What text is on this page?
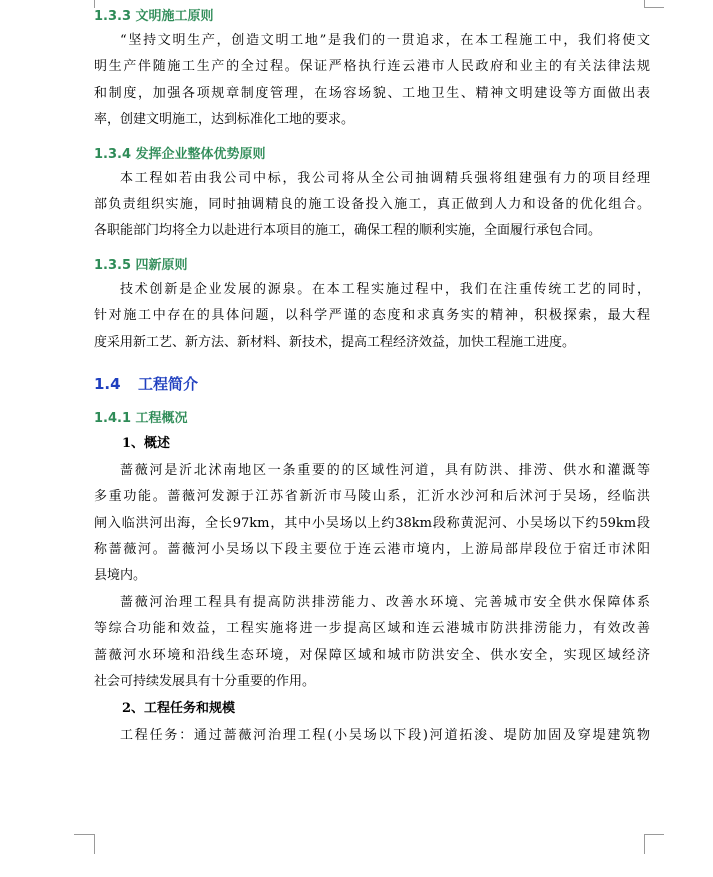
1.3.3 文明施工原则

“坚持文明生产，创造文明工地”是我们的一贯追求，在本工程施工中，我们将使文
明生产伴随施工生产的全过程。保证严格执行连云港市人民政府和业主的有关法律法规
和制度，加强各项规章制度管理，在场容场貌、工地卫生、精神文明建设等方面做出表
率，创建文明施工，达到标准化工地的要求。

1.3.4 发挥企业整体优势原则

本工程如若由我公司中标，我公司将从全公司抽调精兵强将组建强有力的项目经理
部负责组织实施，同时抽调精良的施工设备投入施工，真正做到人力和设备的优化组合。
各职能部门均将全力以赴进行本项目的施工，确保工程的顺利实施，全面履行承包合同。

1.3.5 四新原则

技术创新是企业发展的源泉。在本工程实施过程中，我们在注重传统工艺的同时，
针对施工中存在的具体问题，以科学严谨的态度和求真务实的精神，积极探索，最大程
度采用新工艺、新方法、新材料、新技术，提高工程经济效益，加快工程施工进度。

1.4 工程简介

1.4.1 工程概况

1、概述

蔷薇河是沂北沭南地区一条重要的的区域性河道，具有防洪、排涝、供水和灌溉等
多重功能。蔷薇河发源于江苏省新沂市马陵山系，汇沂水沙河和后沭河于吴场，经临洪
闸入临洪河出海，全长97km，其中小吴场以上约38km段称黄泥河、小吴场以下约59km段
称蔷薇河。蔷薇河小吴场以下段主要位于连云港市境内，上游局部岸段位于宿迁市沭阳
县境内。
蔷薇河治理工程具有提高防洪排涝能力、改善水环境、完善城市安全供水保障体系
等综合功能和效益，工程实施将进一步提高区域和连云港城市防洪排涝能力，有效改善
蔷薇河水环境和沿线生态环境，对保障区域和城市防洪安全、供水安全，实现区域经济
社会可持续发展具有十分重要的作用。

2、工程任务和规模

工程任务：通过蔷薇河治理工程(小吴场以下段)河道拓浚、堤防加固及穿堤建筑物
